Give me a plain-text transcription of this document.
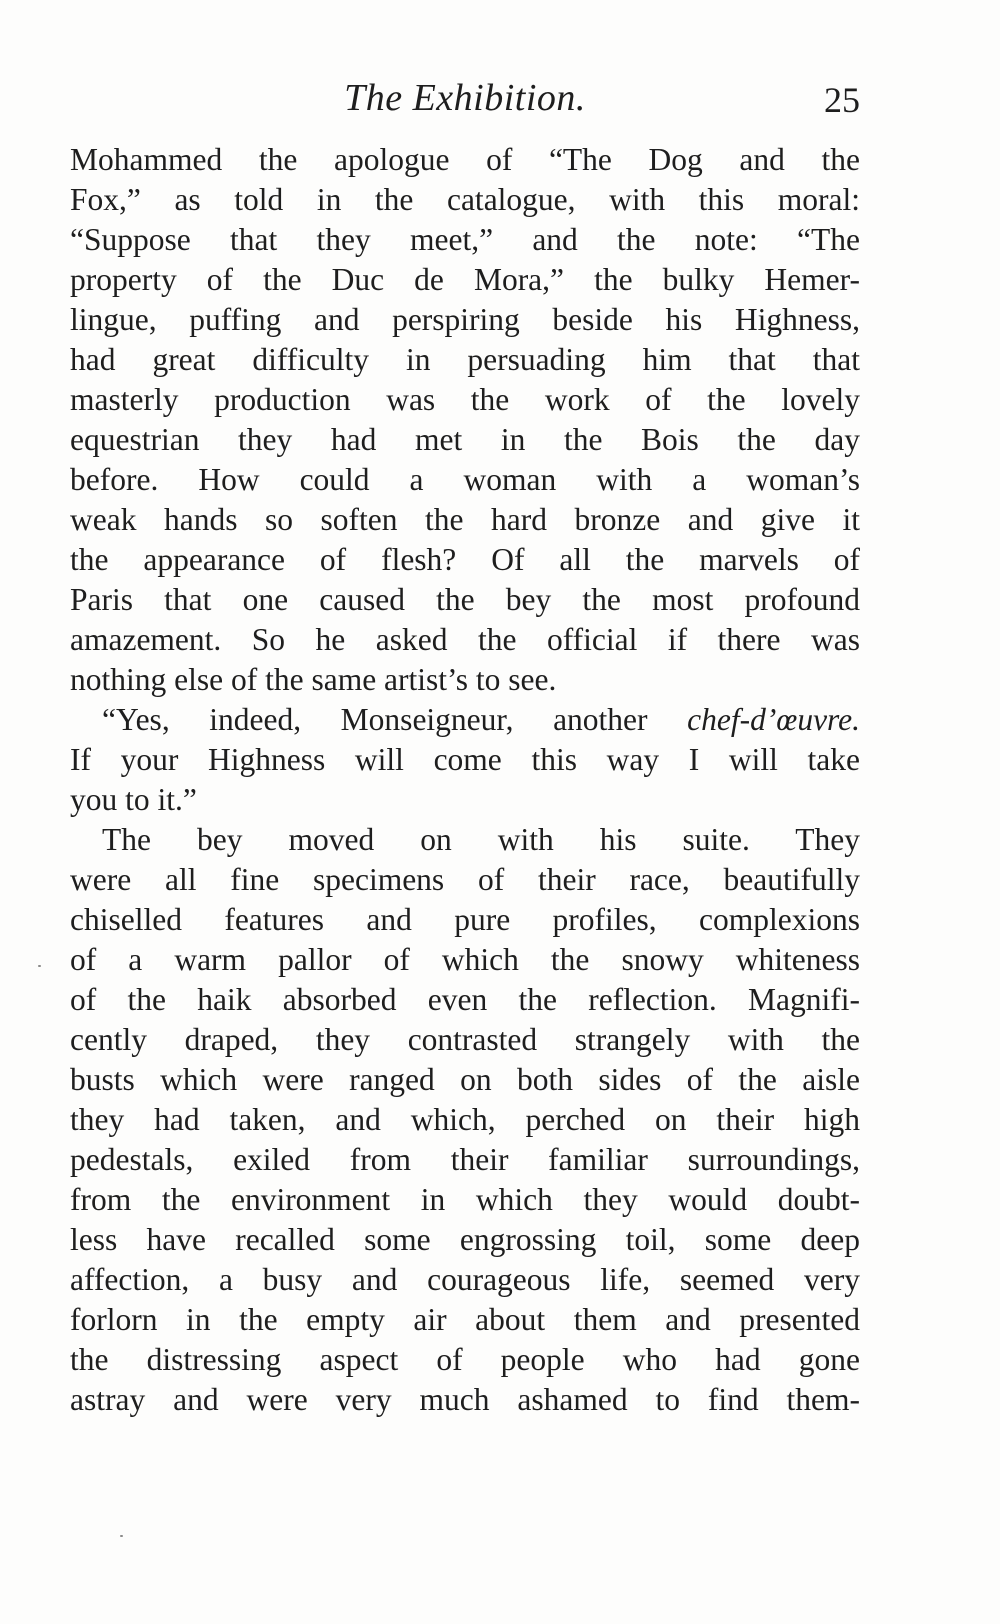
The Exhibition.	25
Mohammed the apologue of “The Dog and the
Fox,” as told in the catalogue, with this moral:
“Suppose that they meet,” and the note: “The
property of the Duc de Mora,” the bulky Hemer-
lingue, puffing and perspiring beside his Highness,
had great difficulty in persuading him that that
masterly production was the work of the lovely
equestrian they had met in the Bois the day
before. How could a woman with a woman’s
weak hands so soften the hard bronze and give it
the appearance of flesh? Of all the marvels of
Paris that one caused the bey the most profound
amazement. So he asked the official if there was
nothing else of the same artist’s to see.
“Yes, indeed, Monseigneur, another chef-d’œuvre.
If your Highness will come this way I will take
you to it.”
The bey moved on with his suite. They
were all fine specimens of their race, beautifully
chiselled features and pure profiles, complexions
of a warm pallor of which the snowy whiteness
of the haik absorbed even the reflection. Magnifi-
cently draped, they contrasted strangely with the
busts which were ranged on both sides of the aisle
they had taken, and which, perched on their high
pedestals, exiled from their familiar surroundings,
from the environment in which they would doubt-
less have recalled some engrossing toil, some deep
affection, a busy and courageous life, seemed very
forlorn in the empty air about them and presented
the distressing aspect of people who had gone
astray and were very much ashamed to find them-
